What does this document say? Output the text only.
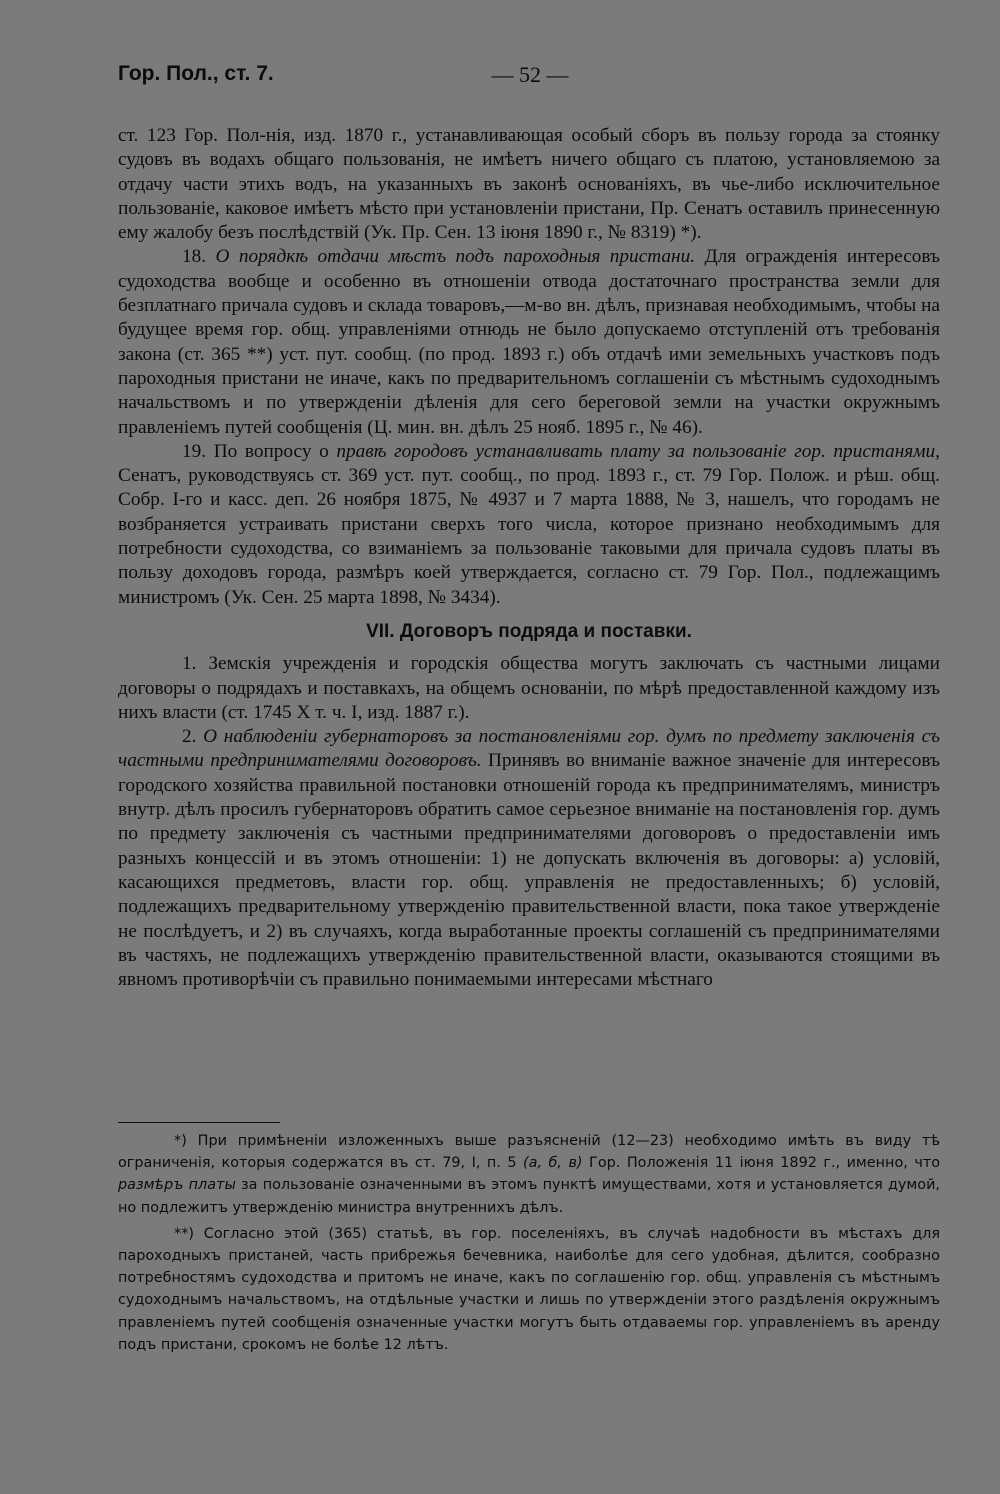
Гор. Пол., ст. 7.	— 52 —

ст. 123 Гор. Пол-нія, изд. 1870 г., устанавливающая особый сборъ въ пользу города за стоянку судовъ въ водахъ общаго пользованія, не имѣетъ ничего общаго съ платою, установляемою за отдачу части этихъ водъ, на указанныхъ въ законѣ основаніяхъ, въ чье-либо исключительное пользованіе, каковое имѣетъ мѣсто при установленіи пристани, Пр. Сенатъ оставилъ принесенную ему жалобу безъ послѣдствій (Ук. Пр. Сен. 13 іюня 1890 г., № 8319) *).

18. О порядкѣ отдачи мѣстъ подъ пароходныя пристани. Для огражденія интересовъ судоходства вообще и особенно въ отношеніи отвода достаточнаго пространства земли для безплатнаго причала судовъ и склада товаровъ,—м-во вн. дѣлъ, признавая необходимымъ, чтобы на будущее время гор. общ. управленіями отнюдь не было допускаемо отступленій отъ требованія закона (ст. 365 **) уст. пут. сообщ. (по прод. 1893 г.) объ отдачѣ ими земельныхъ участковъ подъ пароходныя пристани не иначе, какъ по предварительномъ соглашеніи съ мѣстнымъ судоходнымъ начальствомъ и по утвержденіи дѣленія для сего береговой земли на участки окружнымъ правленіемъ путей сообщенія (Ц. мин. вн. дѣлъ 25 нояб. 1895 г., № 46).

19. По вопросу о правѣ городовъ устанавливать плату за пользованіе гор. пристанями, Сенатъ, руководствуясь ст. 369 уст. пут. сообщ., по прод. 1893 г., ст. 79 Гор. Полож. и рѣш. общ. Собр. I-го и касс. деп. 26 ноября 1875, № 4937 и 7 марта 1888, № 3, нашелъ, что городамъ не возбраняется устраивать пристани сверхъ того числа, которое признано необходимымъ для потребности судоходства, со взиманіемъ за пользованіе таковыми для причала судовъ платы въ пользу доходовъ города, размѣръ коей утверждается, согласно ст. 79 Гор. Пол., подлежащимъ министромъ (Ук. Сен. 25 марта 1898, № 3434).

VII. Договоръ подряда и поставки.

1. Земскія учрежденія и городскія общества могутъ заключать съ частными лицами договоры о подрядахъ и поставкахъ, на общемъ основаніи, по мѣрѣ предоставленной каждому изъ нихъ власти (ст. 1745 X т. ч. I, изд. 1887 г.).

2. О наблюденіи губернаторовъ за постановленіями гор. думъ по предмету заключенія съ частными предпринимателями договоровъ. Принявъ во вниманіе важное значеніе для интересовъ городского хозяйства правильной постановки отношеній города къ предпринимателямъ, министръ внутр. дѣлъ просилъ губернаторовъ обратить самое серьезное вниманіе на постановленія гор. думъ по предмету заключенія съ частными предпринимателями договоровъ о предоставленіи имъ разныхъ концессій и въ этомъ отношеніи: 1) не допускать включенія въ договоры: а) условій, касающихся предметовъ, власти гор. общ. управленія не предоставленныхъ; б) условій, подлежащихъ предварительному утвержденію правительственной власти, пока такое утвержденіе не послѣдуетъ, и 2) въ случаяхъ, когда выработанные проекты соглашеній съ предпринимателями въ частяхъ, не подлежащихъ утвержденію правительственной власти, оказываются стоящими въ явномъ противорѣчіи съ правильно понимаемыми интересами мѣстнаго

*) При примѣненіи изложенныхъ выше разъясненій (12—23) необходимо имѣть въ виду тѣ ограниченія, которыя содержатся въ ст. 79, I, п. 5 (а, б, в) Гор. Положенія 11 іюня 1892 г., именно, что размѣръ платы за пользованіе означенными въ этомъ пунктѣ имуществами, хотя и установляется думой, но подлежитъ утвержденію министра внутреннихъ дѣлъ.

**) Согласно этой (365) статьѣ, въ гор. поселеніяхъ, въ случаѣ надобности въ мѣстахъ для пароходныхъ пристаней, часть прибрежья бечевника, наиболѣе для сего удобная, дѣлится, сообразно потребностямъ судоходства и притомъ не иначе, какъ по соглашенію гор. общ. управленія съ мѣстнымъ судоходнымъ начальствомъ, на отдѣльные участки и лишь по утвержденіи этого раздѣленія окружнымъ правленіемъ путей сообщенія означенные участки могутъ быть отдаваемы гор. управленіемъ въ аренду подъ пристани, срокомъ не болѣе 12 лѣтъ.
